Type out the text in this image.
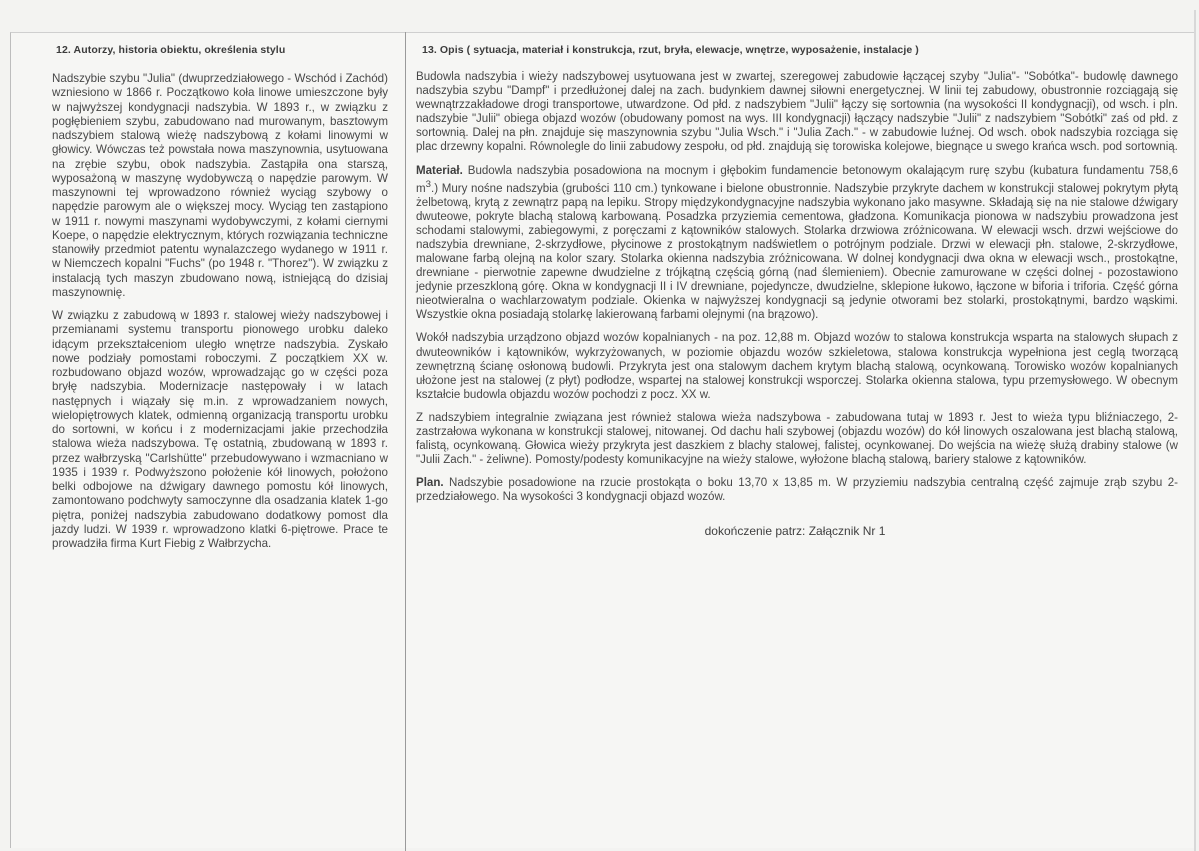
12. Autorzy, historia obiektu, określenia stylu

Nadszybie szybu "Julia" (dwuprzedziałowego - Wschód i Zachód) wzniesiono w 1866 r. Początkowo koła linowe umieszczone były w najwyższej kondygnacji nadszybia. W 1893 r., w związku z pogłębieniem szybu, zabudowano nad murowanym, basztowym nadszybiem stalową wieżę nadszybową z kołami linowymi w głowicy. Wówczas też powstała nowa maszynownia, usytuowana na zrębie szybu, obok nadszybia. Zastąpiła ona starszą, wyposażoną w maszynę wydobywczą o napędzie parowym. W maszynowni tej wprowadzono również wyciąg szybowy o napędzie parowym ale o większej mocy. Wyciąg ten zastąpiono w 1911 r. nowymi maszynami wydobywczymi, z kołami ciernymi Koepe, o napędzie elektrycznym, których rozwiązania techniczne stanowiły przedmiot patentu wynalazczego wydanego w 1911 r. w Niemczech kopalni "Fuchs" (po 1948 r. "Thorez"). W związku z instalacją tych maszyn zbudowano nową, istniejącą do dzisiaj maszynownię.

W związku z zabudową w 1893 r. stalowej wieży nadszybowej i przemianami systemu transportu pionowego urobku daleko idącym przekształceniom uległo wnętrze nadszybia. Zyskało nowe podziały pomostami roboczymi. Z początkiem XX w. rozbudowano objazd wozów, wprowadzając go w części poza bryłę nadszybia. Modernizacje następowały i w latach następnych i wiązały się m.in. z wprowadzaniem nowych, wielopiętrowych klatek, odmienną organizacją transportu urobku do sortowni, w końcu i z modernizacjami jakie przechodziła stalowa wieża nadszybowa. Tę ostatnią, zbudowaną w 1893 r. przez wałbrzyską "Carlshütte" przebudowywano i wzmacniano w 1935 i 1939 r. Podwyższono położenie kół linowych, położono belki odbojowe na dźwigary dawnego pomostu kół linowych, zamontowano podchwyty samoczynne dla osadzania klatek 1-go piętra, poniżej nadszybia zabudowano dodatkowy pomost dla jazdy ludzi. W 1939 r. wprowadzono klatki 6-piętrowe. Prace te prowadziła firma Kurt Fiebig z Wałbrzycha.

13. Opis ( sytuacja, materiał i konstrukcja, rzut, bryła, elewacje, wnętrze, wyposażenie, instalacje )

Budowla nadszybia i wieży nadszybowej usytuowana jest w zwartej, szeregowej zabudowie łączącej szyby "Julia"- "Sobótka"- budowlę dawnego nadszybia szybu "Dampf" i przedłużonej dalej na zach. budynkiem dawnej siłowni energetycznej. W linii tej zabudowy, obustronnie rozciągają się wewnątrzzakładowe drogi transportowe, utwardzone. Od płd. z nadszybiem "Julii" łączy się sortownia (na wysokości II kondygnacji), od wsch. i pln. nadszybie "Julii" obiega objazd wozów (obudowany pomost na wys. III kondygnacji) łączący nadszybie "Julii" z nadszybiem "Sobótki" zaś od płd. z sortownią. Dalej na płn. znajduje się maszynownia szybu "Julia Wsch." i "Julia Zach." - w zabudowie luźnej. Od wsch. obok nadszybia rozciąga się plac drzewny kopalni. Równolegle do linii zabudowy zespołu, od płd. znajdują się torowiska kolejowe, biegnące u swego krańca wsch. pod sortownią.

Materiał. Budowla nadszybia posadowiona na mocnym i głębokim fundamencie betonowym okalającym rurę szybu (kubatura fundamentu 758,6 $m^3$.) Mury nośne nadszybia (grubości 110 cm.) tynkowane i bielone obustronnie. Nadszybie przykryte dachem w konstrukcji stalowej pokrytym płytą żelbetową, krytą z zewnątrz papą na lepiku. Stropy międzykondygnacyjne nadszybia wykonano jako masywne. Składają się na nie stalowe dźwigary dwuteowe, pokryte blachą stalową karbowaną. Posadzka przyziemia cementowa, gładzona. Komunikacja pionowa w nadszybiu prowadzona jest schodami stalowymi, zabiegowymi, z poręczami z kątowników stalowych. Stolarka drzwiowa zróżnicowana. W elewacji wsch. drzwi wejściowe do nadszybia drewniane, 2-skrzydłowe, płycinowe z prostokątnym nadświetlem o potrójnym podziale. Drzwi w elewacji płn. stalowe, 2-skrzydłowe, malowane farbą olejną na kolor szary. Stolarka okienna nadszybia zróżnicowana. W dolnej kondygnacji dwa okna w elewacji wsch., prostokątne, drewniane - pierwotnie zapewne dwudzielne z trójkątną częścią górną (nad ślemieniem). Obecnie zamurowane w części dolnej - pozostawiono jedynie przeszkloną górę. Okna w kondygnacji II i IV drewniane, pojedyncze, dwudzielne, sklepione łukowo, łączone w biforia i triforia. Część górna nieotwieralna o wachlarzowatym podziale. Okienka w najwyższej kondygnacji są jedynie otworami bez stolarki, prostokątnymi, bardzo wąskimi. Wszystkie okna posiadają stolarkę lakierowaną farbami olejnymi (na brązowo).

Wokół nadszybia urządzono objazd wozów kopalnianych - na poz. 12,88 m. Objazd wozów to stalowa konstrukcja wsparta na stalowych słupach z dwuteowników i kątowników, wykrzyżowanych, w poziomie objazdu wozów szkieletowa, stalowa konstrukcja wypełniona jest ceglą tworzącą zewnętrzną ścianę osłonową budowli. Przykryta jest ona stalowym dachem krytym blachą stalową, ocynkowaną. Torowisko wozów kopalnianych ułożone jest na stalowej (z płyt) podłodze, wspartej na stalowej konstrukcji wsporczej. Stolarka okienna stalowa, typu przemysłowego. W obecnym kształcie budowla objazdu wozów pochodzi z pocz. XX w.

Z nadszybiem integralnie związana jest również stalowa wieża nadszybowa - zabudowana tutaj w 1893 r. Jest to wieża typu bliźniaczego, 2-zastrzałowa wykonana w konstrukcji stalowej, nitowanej. Od dachu hali szybowej (objazdu wozów) do kół linowych oszalowana jest blachą stalową, falistą, ocynkowaną. Głowica wieży przykryta jest daszkiem z blachy stalowej, falistej, ocynkowanej. Do wejścia na wieżę służą drabiny stalowe (w "Julii Zach." - żeliwne). Pomosty/podesty komunikacyjne na wieży stalowe, wyłożone blachą stalową, bariery stalowe z kątowników.

Plan. Nadszybie posadowione na rzucie prostokąta o boku 13,70 x 13,85 m. W przyziemiu nadszybia centralną część zajmuje zrąb szybu 2-przedziałowego. Na wysokości 3 kondygnacji objazd wozów.

dokończenie patrz: Załącznik Nr 1
